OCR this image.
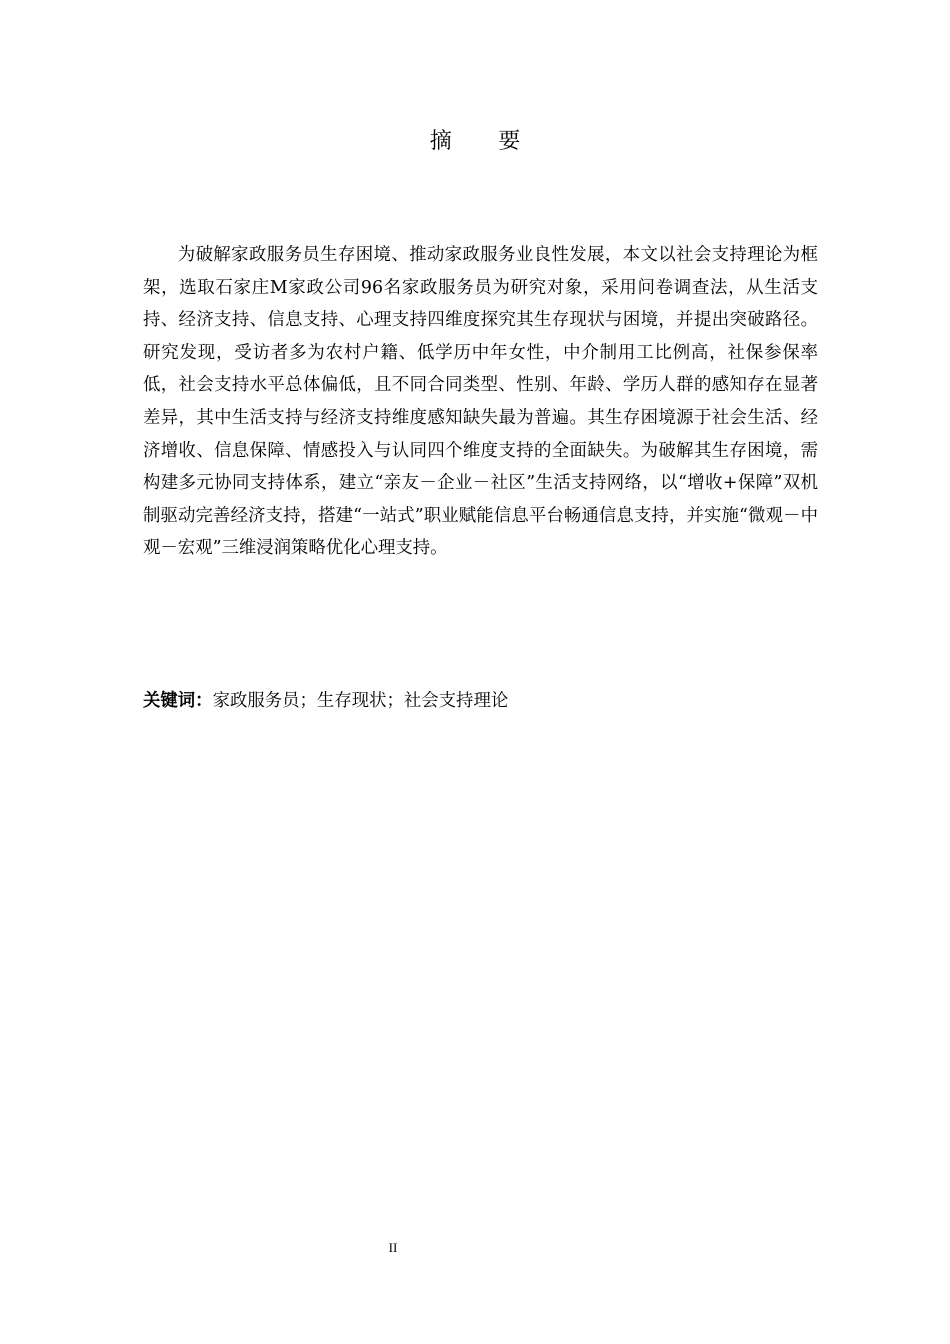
摘 要

为破解家政服务员生存困境、推动家政服务业良性发展，本文以社会支持理论为框架，选取石家庄M家政公司96名家政服务员为研究对象，采用问卷调查法，从生活支持、经济支持、信息支持、心理支持四维度探究其生存现状与困境，并提出突破路径。研究发现，受访者多为农村户籍、低学历中年女性，中介制用工比例高，社保参保率低，社会支持水平总体偏低，且不同合同类型、性别、年龄、学历人群的感知存在显著差异，其中生活支持与经济支持维度感知缺失最为普遍。其生存困境源于社会生活、经济增收、信息保障、情感投入与认同四个维度支持的全面缺失。为破解其生存困境，需构建多元协同支持体系，建立“亲友－企业－社区”生活支持网络，以“增收+保障”双机制驱动完善经济支持，搭建“一站式”职业赋能信息平台畅通信息支持，并实施“微观－中观－宏观”三维浸润策略优化心理支持。

关键词：家政服务员；生存现状；社会支持理论

II
